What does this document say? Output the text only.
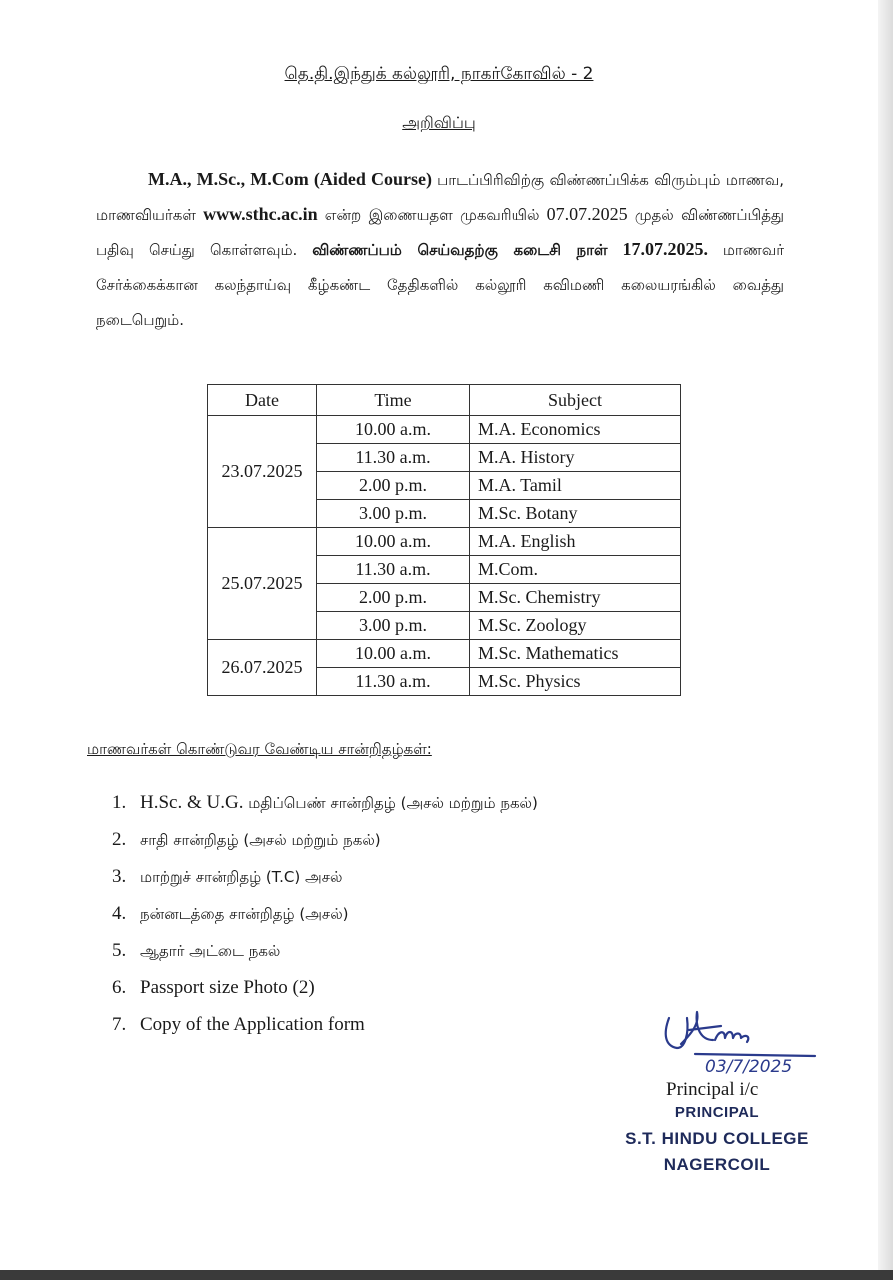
தெ.தி.இந்துக் கல்லூரி, நாகர்கோவில் - 2
அறிவிப்பு
M.A., M.Sc., M.Com (Aided Course) பாடப்பிரிவிற்கு விண்ணப்பிக்க விரும்பும் மாணவ, மாணவியர்கள் www.sthc.ac.in என்ற இணையதள முகவரியில் 07.07.2025 முதல் விண்ணப்பித்து பதிவு செய்து கொள்ளவும். விண்ணப்பம் செய்வதற்கு கடைசி நாள் 17.07.2025. மாணவர் சேர்க்கைக்கான கலந்தாய்வு கீழ்கண்ட தேதிகளில் கல்லூரி கவிமணி கலையரங்கில் வைத்து நடைபெறும்.
Date	Time	Subject
23.07.2025	10.00 a.m.	M.A. Economics
	11.30 a.m.	M.A. History
	2.00 p.m.	M.A. Tamil
	3.00 p.m.	M.Sc. Botany
25.07.2025	10.00 a.m.	M.A. English
	11.30 a.m.	M.Com.
	2.00 p.m.	M.Sc. Chemistry
	3.00 p.m.	M.Sc. Zoology
26.07.2025	10.00 a.m.	M.Sc. Mathematics
	11.30 a.m.	M.Sc. Physics
மாணவர்கள் கொண்டுவர வேண்டிய சான்றிதழ்கள்:
1. H.Sc. & U.G. மதிப்பெண் சான்றிதழ் (அசல் மற்றும் நகல்)
2. சாதி சான்றிதழ் (அசல் மற்றும் நகல்)
3. மாற்றுச் சான்றிதழ் (T.C) அசல்
4. நன்னடத்தை சான்றிதழ் (அசல்)
5. ஆதார் அட்டை நகல்
6. Passport size Photo (2)
7. Copy of the Application form
03/7/2025
Principal i/c
PRINCIPAL
S.T. HINDU COLLEGE
NAGERCOIL
